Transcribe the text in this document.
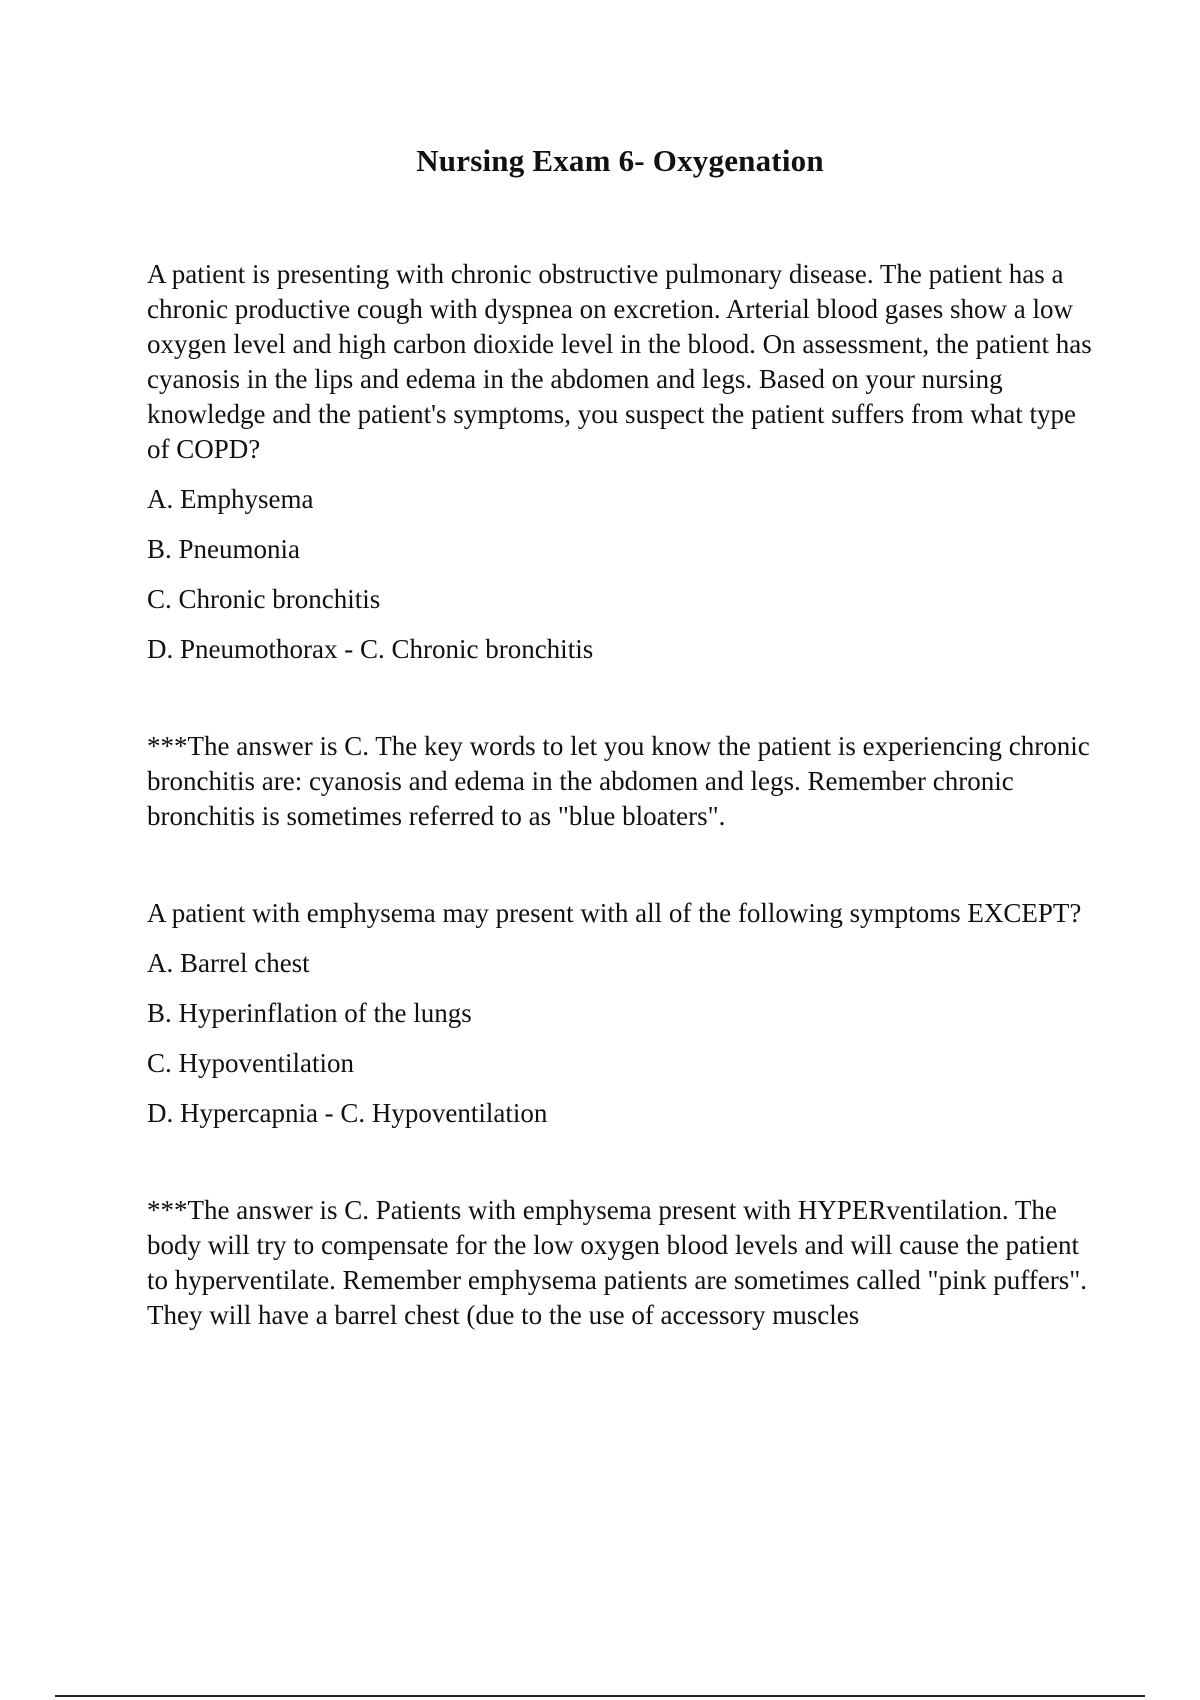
Nursing Exam 6- Oxygenation

A patient is presenting with chronic obstructive pulmonary disease. The patient has a chronic productive cough with dyspnea on excretion. Arterial blood gases show a low oxygen level and high carbon dioxide level in the blood. On assessment, the patient has cyanosis in the lips and edema in the abdomen and legs. Based on your nursing knowledge and the patient's symptoms, you suspect the patient suffers from what type of COPD?

A. Emphysema
B. Pneumonia
C. Chronic bronchitis
D. Pneumothorax - C. Chronic bronchitis

***The answer is C. The key words to let you know the patient is experiencing chronic bronchitis are: cyanosis and edema in the abdomen and legs. Remember chronic bronchitis is sometimes referred to as "blue bloaters".

A patient with emphysema may present with all of the following symptoms EXCEPT?

A. Barrel chest
B. Hyperinflation of the lungs
C. Hypoventilation
D. Hypercapnia - C. Hypoventilation

***The answer is C. Patients with emphysema present with HYPERventilation. The body will try to compensate for the low oxygen blood levels and will cause the patient to hyperventilate. Remember emphysema patients are sometimes called "pink puffers". They will have a barrel chest (due to the use of accessory muscles
